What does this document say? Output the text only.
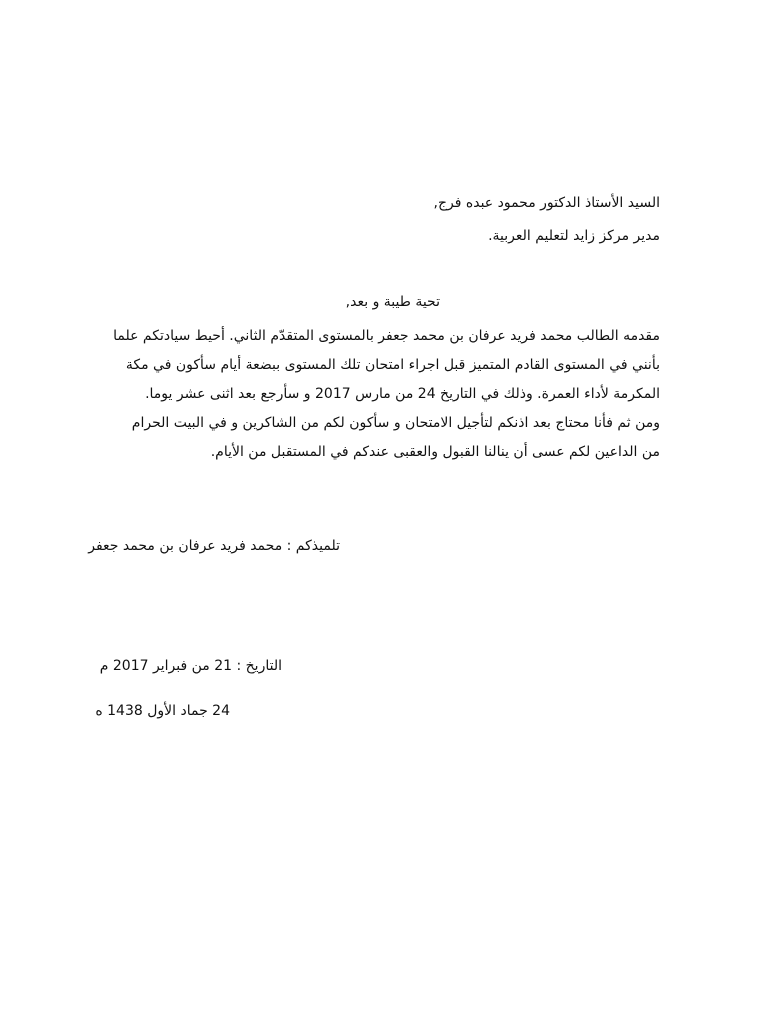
السيد الأستاذ الدكتور محمود عبده فرج,
مدير مركز زايد لتعليم العربية.
تحية طيبة و بعد,
مقدمه الطالب محمد فريد عرفان بن محمد جعفر بالمستوى المتقدّم الثاني. أحيط سيادتكم علما
بأنني في المستوى القادم المتميز قبل اجراء امتحان تلك المستوى ببضعة أيام سأكون في مكة
المكرمة لأداء العمرة. وذلك في التاريخ 24 من مارس 2017 و سأرجع بعد اثنى عشر يوما.
ومن ثم فأنا محتاج بعد اذنكم لتأجيل الامتحان و سأكون لكم من الشاكرين و في البيت الحرام
من الداعين لكم عسى أن ينالنا القبول والعقبى عندكم في المستقبل من الأيام.
تلميذكم : محمد فريد عرفان بن محمد جعفر
التاريخ : 21 من فبراير 2017 م
24 جماد الأول 1438 ه
